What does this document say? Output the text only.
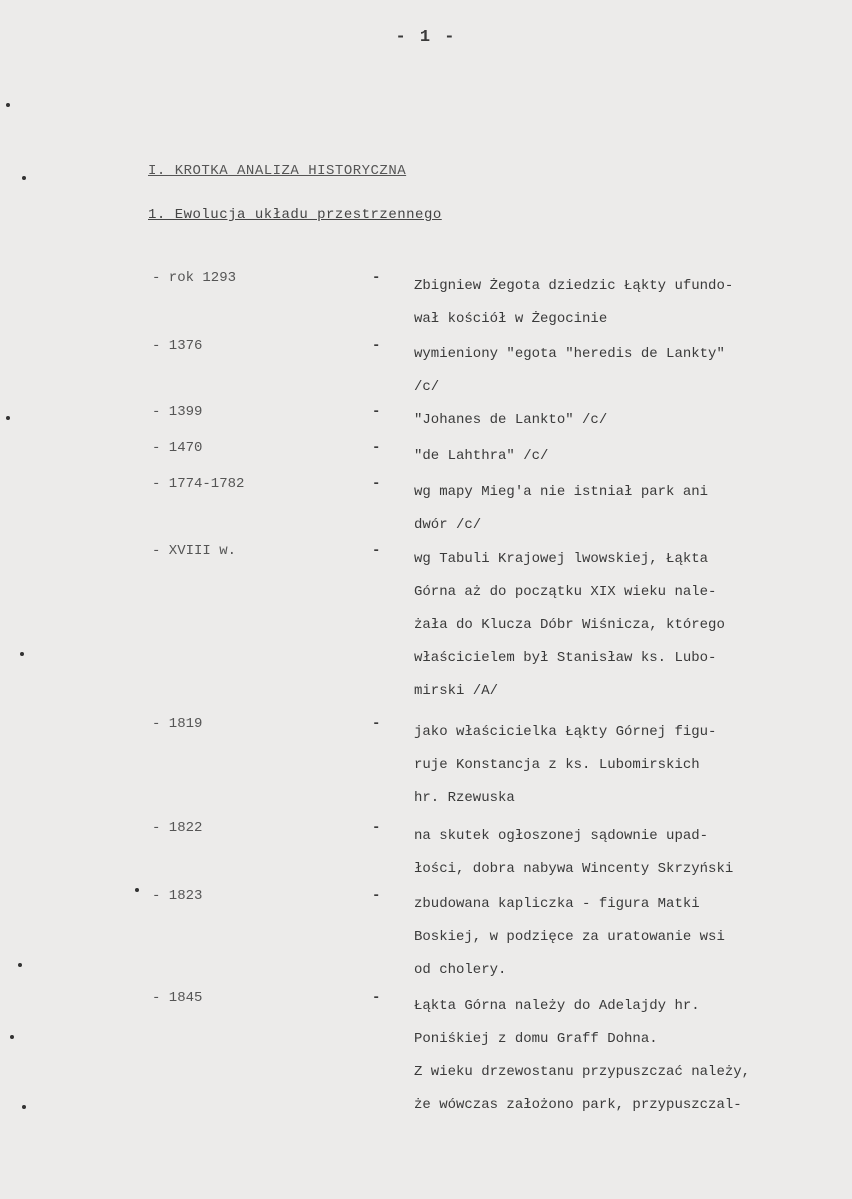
- 1 -
I. KROTKA ANALIZA HISTORYCZNA
1. Ewolucja układu przestrzennego
- rok 1293	- Zbigniew Żegota dziedzic Łąkty ufundo-
wał kościół w Żegocinie
- 1376	- wymieniony "egota "heredis de Lankty"
/c/
- 1399	- "Johanes de Lankto" /c/
- 1470	- "de Lahthra" /c/
- 1774-1782	- wg mapy Mieg'a nie istniał park ani
dwór /c/
- XVIII w.	- wg Tabuli Krajowej lwowskiej, Łąkta
Górna aż do początku XIX wieku nale-
żała do Klucza Dóbr Wiśnicza, którego
właścicielem był Stanisław ks. Lubo-
mirski /A/
- 1819	- jako właścicielka Łąkty Górnej figu-
ruje Konstancja z ks. Lubomirskich
hr. Rzewuska
- 1822	- na skutek ogłoszonej sądownie upad-
łości, dobra nabywa Wincenty Skrzyński
- 1823	- zbudowana kapliczka - figura Matki
Boskiej, w podzięce za uratowanie wsi
od cholery.
- 1845	- Łąkta Górna należy do Adelajdy hr.
Poniśkiej z domu Graff Dohna.
Z wieku drzewostanu przypuszczać należy,
że wówczas założono park, przypuszczal-
